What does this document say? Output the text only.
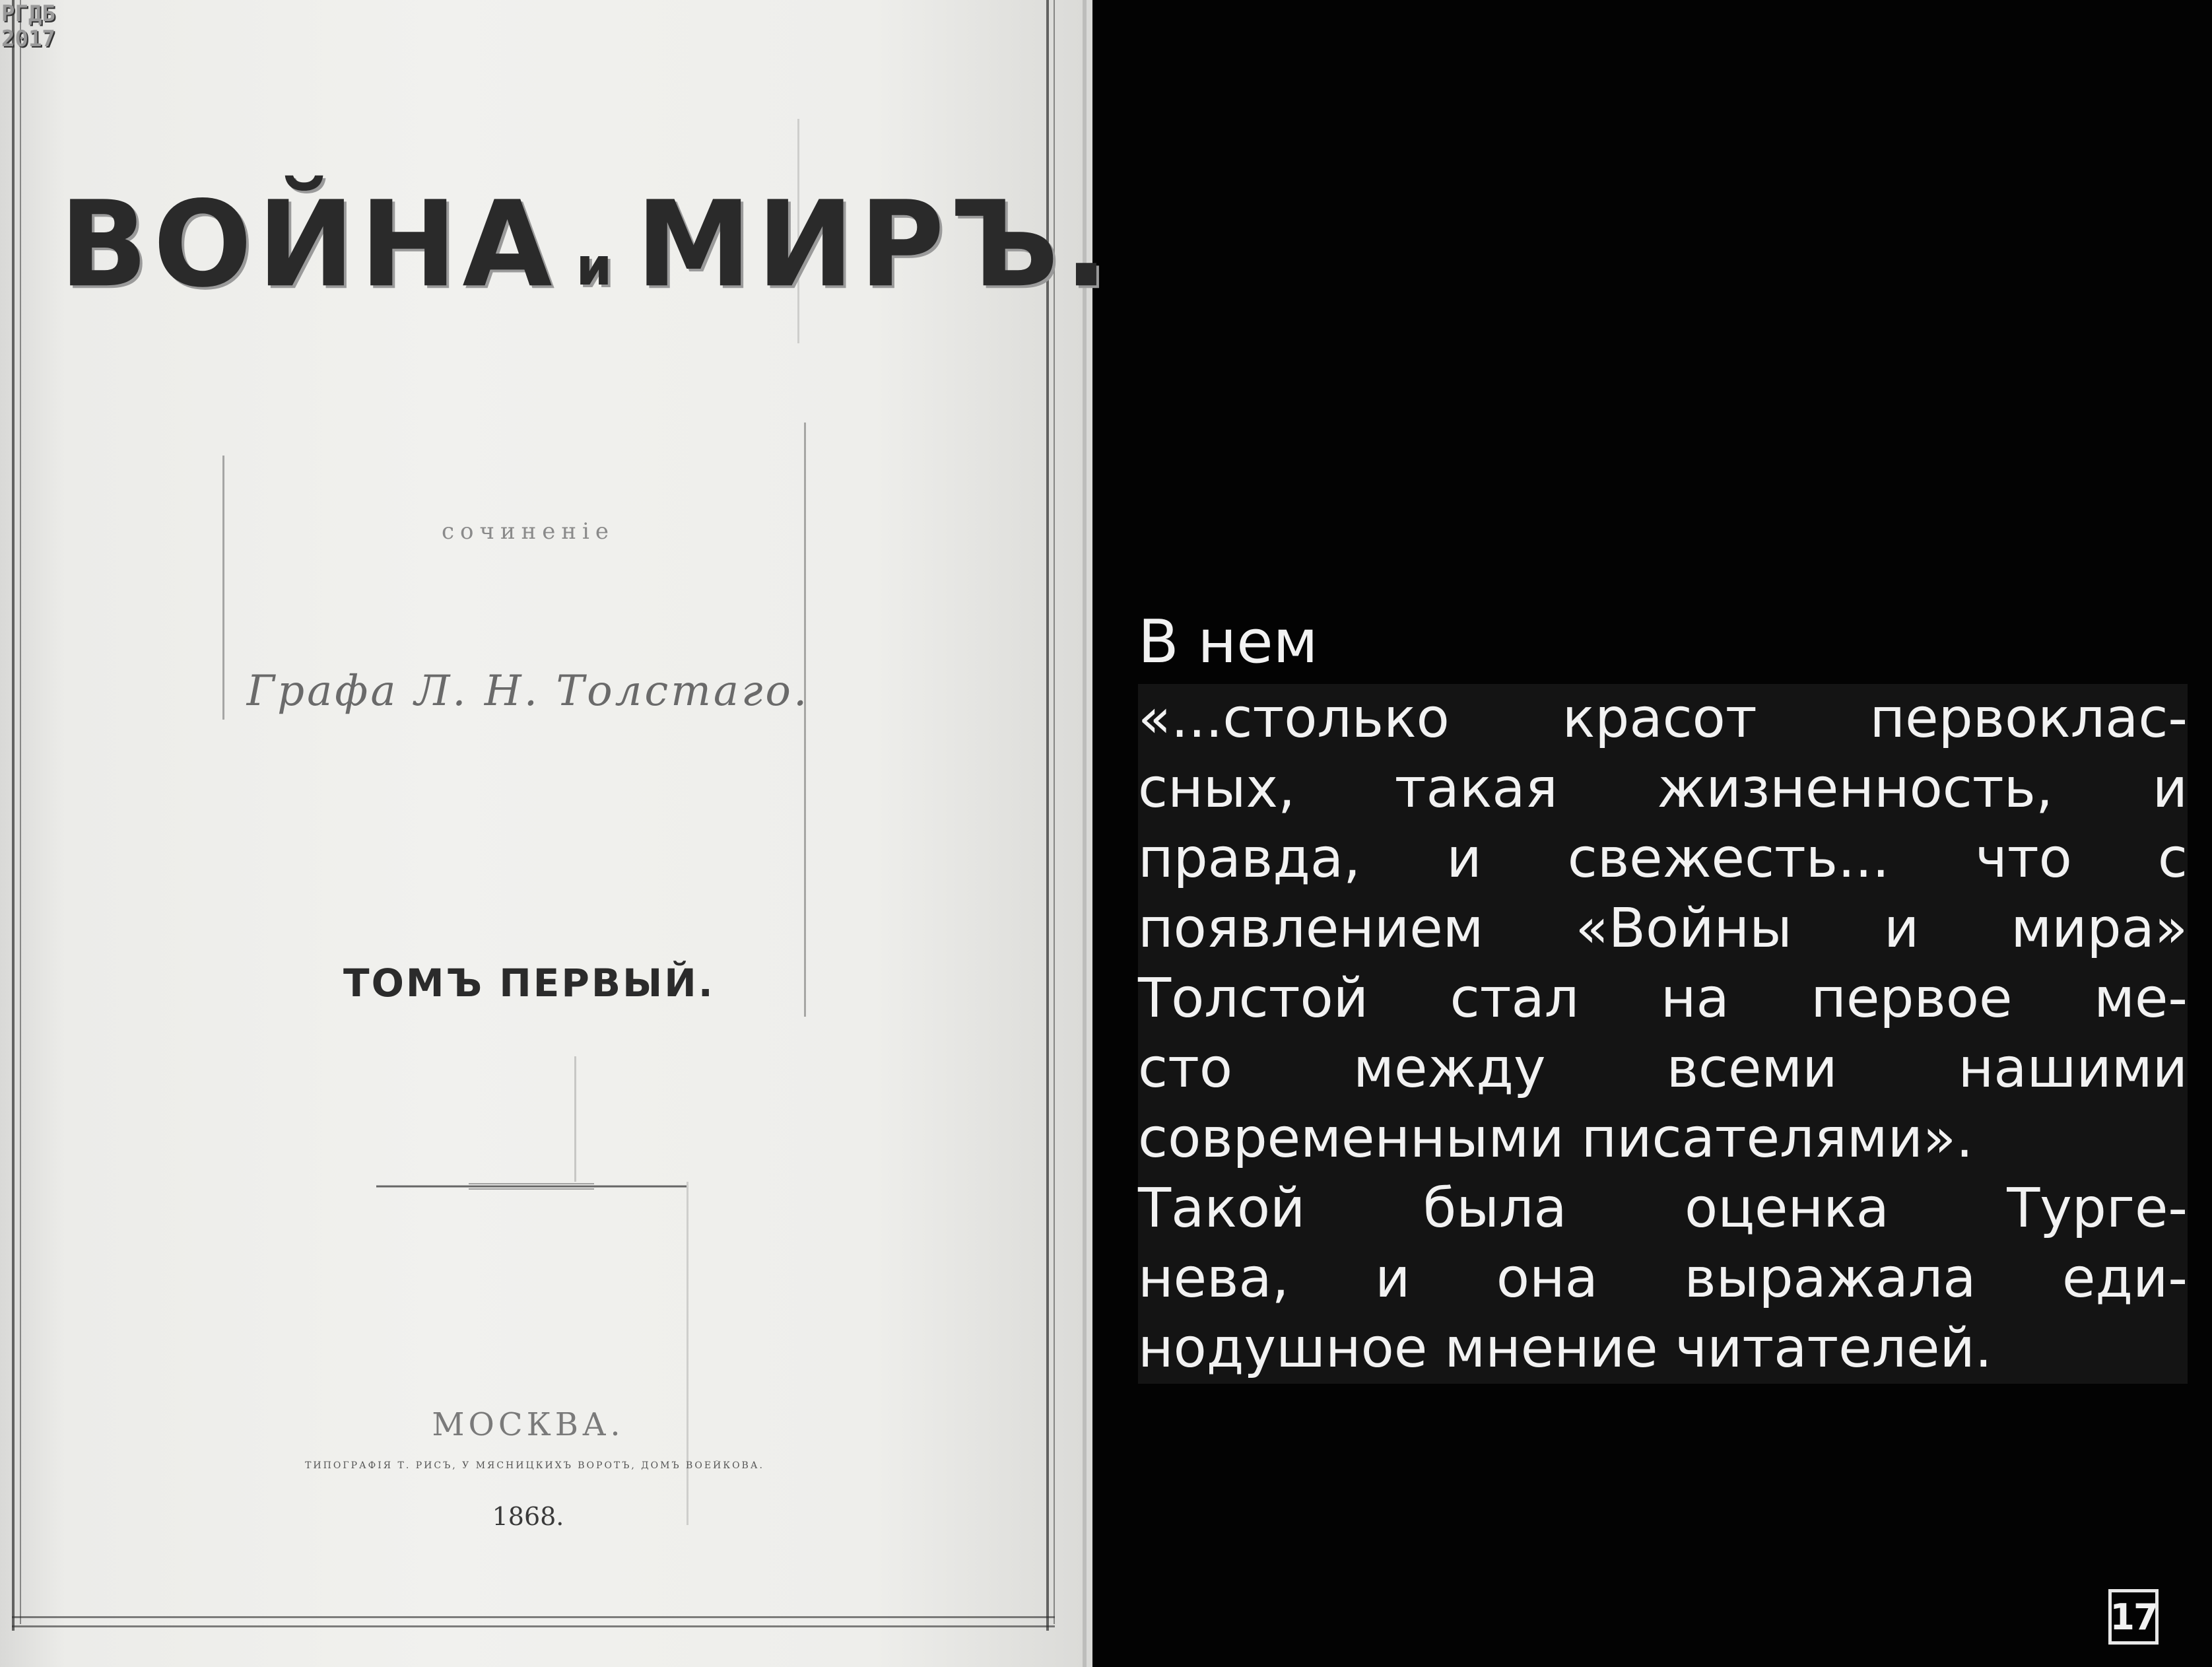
ВОЙНА и МИРЪ.
сочиненіе
Графа Л. Н. Толстаго.
ТОМЪ ПЕРВЫЙ.
МОСКВА.
ТИПОГРАФІЯ Т. РИСЪ, У МЯСНИЦКИХЪ ВОРОТЪ, ДОМЪ ВОЕЙКОВА.
1868.
РГДБ
2017
В нем
«...столько красот первоклас-
сных, такая жизненность, и
правда, и свежесть... что с
появлением «Войны и мира»
Толстой стал на первое ме-
сто между всеми нашими
современными писателями».
Такой была оценка Турге-
нева, и она выражала еди-
нодушное мнение читателей.
17
